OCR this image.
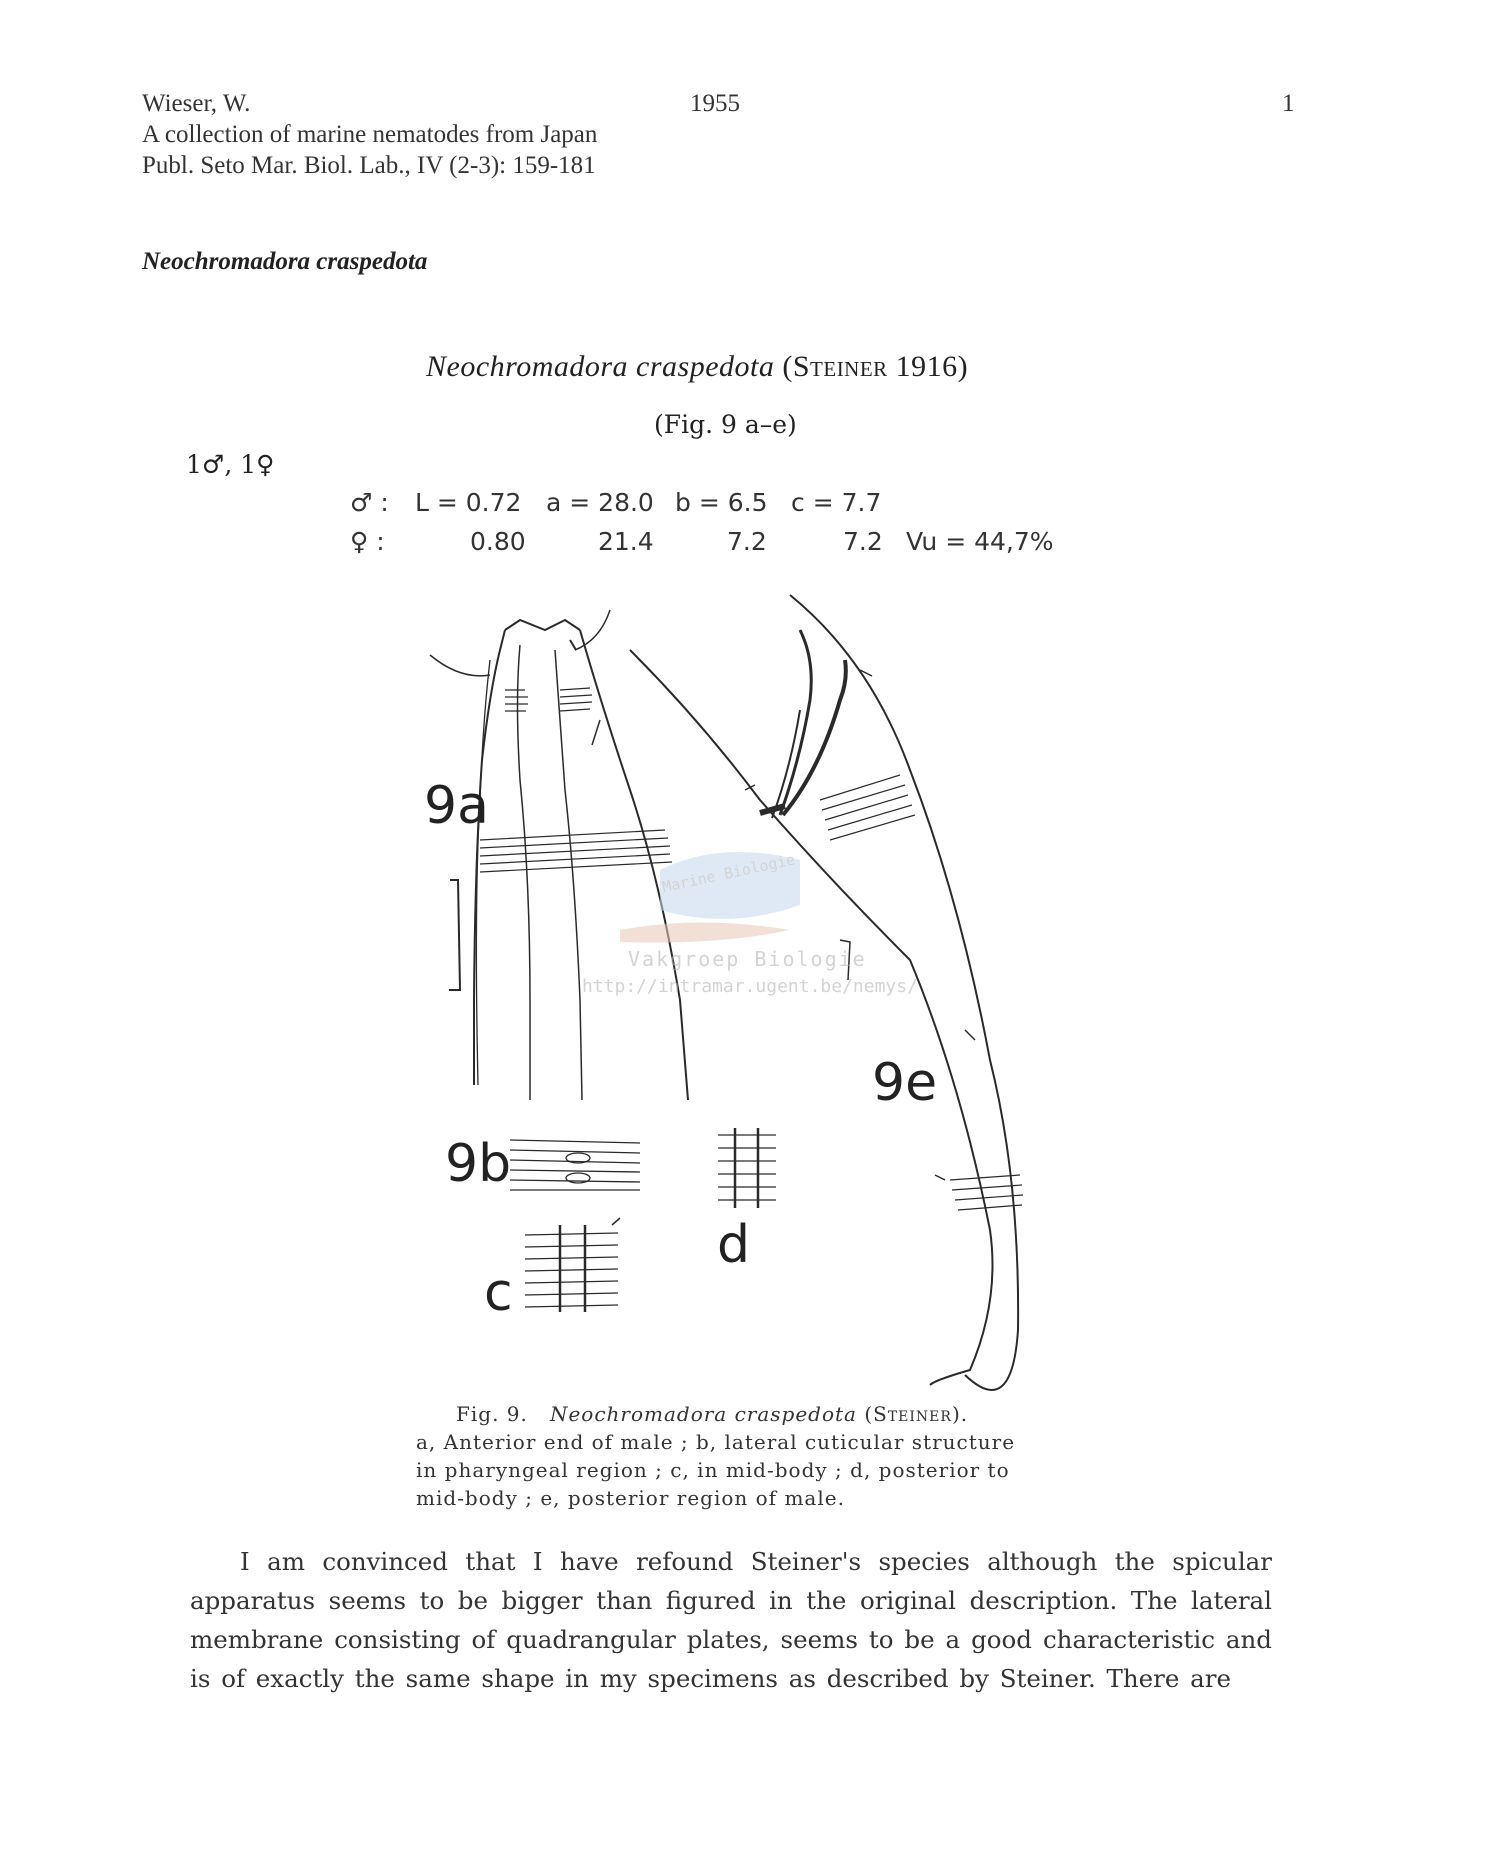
Wieser, W.	1955	1
A collection of marine nematodes from Japan
Publ. Seto Mar. Biol. Lab., IV (2-3): 159-181
Neochromadora craspedota
Neochromadora craspedota (Steiner 1916)
(Fig. 9 a–e)
1♂, 1♀
♂ : L = 0.72 a = 28.0 b = 6.5 c = 7.7
♀ :	0.80	21.4	7.2	7.2 Vu = 44,7%
9a
9b
c
d
9e
Marine Biologie
Vakgroep Biologie
http://intramar.ugent.be/nemys/
Fig. 9. Neochromadora craspedota (Steiner).
a, Anterior end of male ; b, lateral cuticular structure
in pharyngeal region ; c, in mid-body ; d, posterior to
mid-body ; e, posterior region of male.
I am convinced that I have refound Steiner's species although the spicular apparatus seems to be bigger than figured in the original description. The lateral membrane consisting of quadrangular plates, seems to be a good characteristic and is of exactly the same shape in my specimens as described by Steiner. There are
